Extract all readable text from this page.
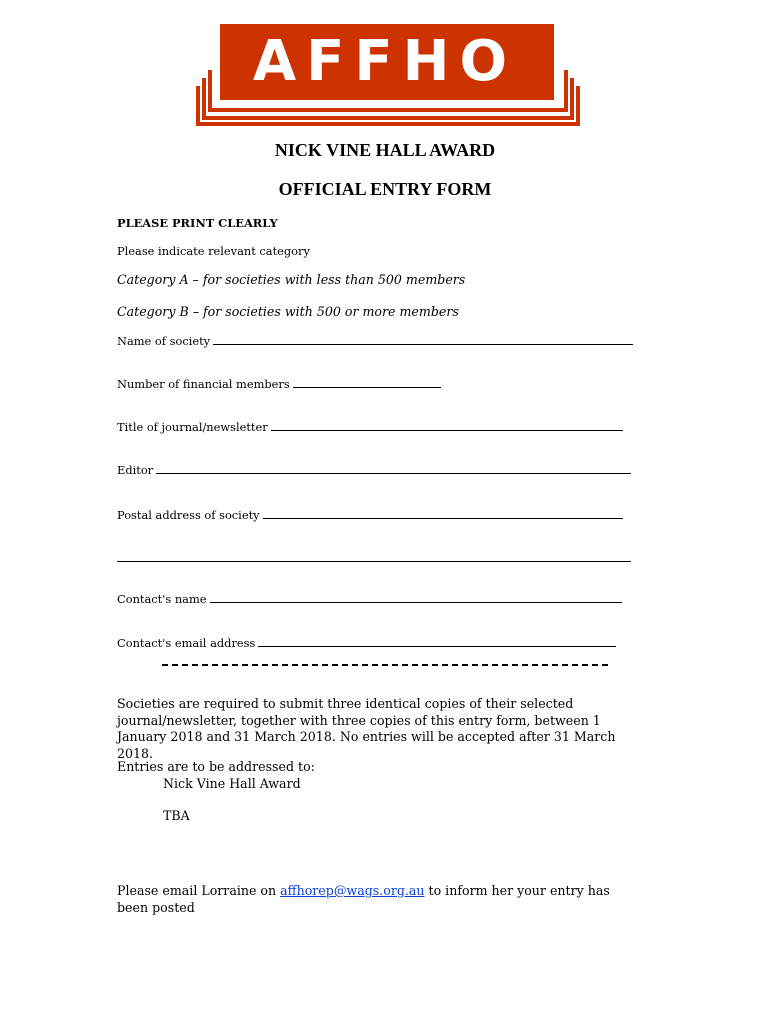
AFFHO
NICK VINE HALL AWARD
OFFICIAL ENTRY FORM
PLEASE PRINT CLEARLY
Please indicate relevant category
Category A – for societies with less than 500 members
Category B – for societies with 500 or more members
Name of society
Number of financial members
Title of journal/newsletter
Editor
Postal address of society
Contact's name
Contact's email address
Societies are required to submit three identical copies of their selected journal/newsletter, together with three copies of this entry form, between 1 January 2018 and 31 March 2018. No entries will be accepted after 31 March 2018.
Entries are to be addressed to:
Nick Vine Hall Award
TBA
Please email Lorraine on affhorep@wags.org.au to inform her your entry has been posted
